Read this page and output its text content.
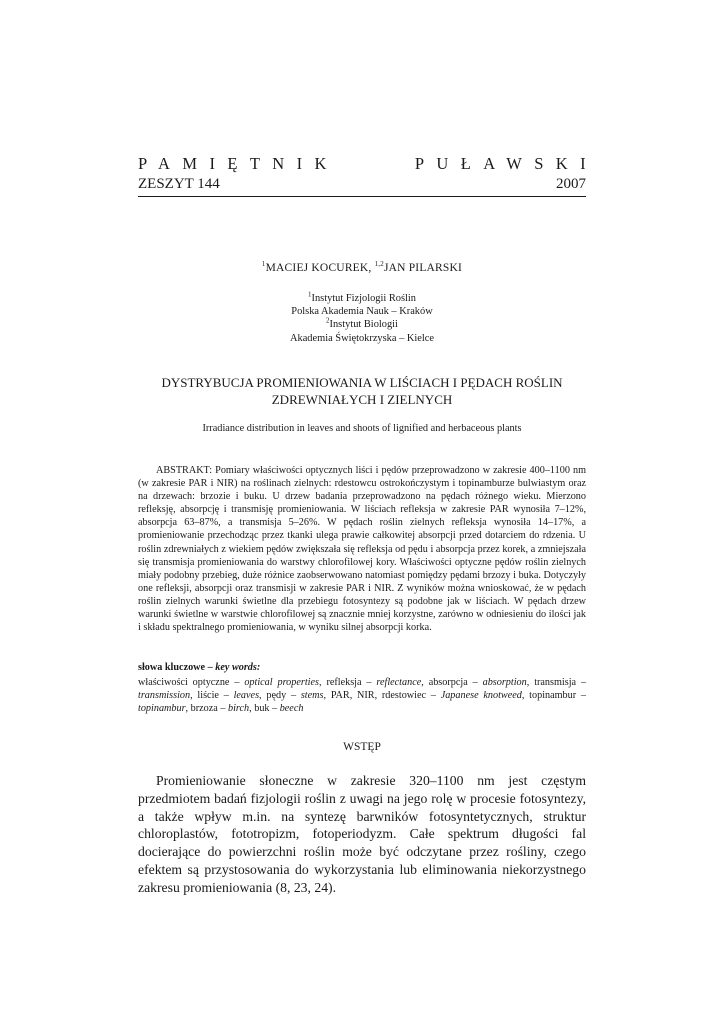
PAMIĘTNIK	PUŁAWSKI
ZESZYT 144	2007
$^1$MACIEJ KOCUREK, $^{1,2}$JAN PILARSKI
$^1$Instytut Fizjologii Roślin
Polska Akademia Nauk – Kraków
$^2$Instytut Biologii
Akademia Świętokrzyska – Kielce
DYSTRYBUCJA PROMIENIOWANIA W LIŚCIACH I PĘDACH ROŚLIN
ZDREWNIAŁYCH I ZIELNYCH
Irradiance distribution in leaves and shoots of lignified and herbaceous plants
ABSTRAKT: Pomiary właściwości optycznych liści i pędów przeprowadzono w zakresie 400–1100 nm (w zakresie PAR i NIR) na roślinach zielnych: rdestowcu ostrokończystym i topinamburze bulwiastym oraz na drzewach: brzozie i buku. U drzew badania przeprowadzono na pędach różnego wieku. Mierzono refleksję, absorpcję i transmisję promieniowania. W liściach refleksja w zakresie PAR wynosiła 7–12%, absorpcja 63–87%, a transmisja 5–26%. W pędach roślin zielnych refleksja wynosiła 14–17%, a promieniowanie przechodząc przez tkanki ulega prawie całkowitej absorpcji przed dotarciem do rdzenia. U roślin zdrewniałych z wiekiem pędów zwiększała się refleksja od pędu i absorpcja przez korek, a zmniejszała się transmisja promieniowania do warstwy chlorofilowej kory. Właściwości optyczne pędów roślin zielnych miały podobny przebieg, duże różnice zaobserwowano natomiast pomiędzy pędami brzozy i buka. Dotyczyły one refleksji, absorpcji oraz transmisji w zakresie PAR i NIR. Z wyników można wnioskować, że w pędach roślin zielnych warunki świetlne dla przebiegu fotosyntezy są podobne jak w liściach. W pędach drzew warunki świetlne w warstwie chlorofilowej są znacznie mniej korzystne, zarówno w odniesieniu do ilości jak i składu spektralnego promieniowania, w wyniku silnej absorpcji korka.
słowa kluczowe – key words:
właściwości optyczne – optical properties, refleksja – reflectance, absorpcja – absorption, transmisja – transmission, liście – leaves, pędy – stems, PAR, NIR, rdestowiec – Japanese knotweed, topinambur – topinambur, brzoza – birch, buk – beech
WSTĘP
Promieniowanie słoneczne w zakresie 320–1100 nm jest częstym przedmiotem badań fizjologii roślin z uwagi na jego rolę w procesie fotosyntezy, a także wpływ m.in. na syntezę barwników fotosyntetycznych, struktur chloroplastów, fototropizm, fotoperiodyzm. Całe spektrum długości fal docierające do powierzchni roślin może być odczytane przez rośliny, czego efektem są przystosowania do wykorzystania lub eliminowania niekorzystnego zakresu promieniowania (8, 23, 24).
